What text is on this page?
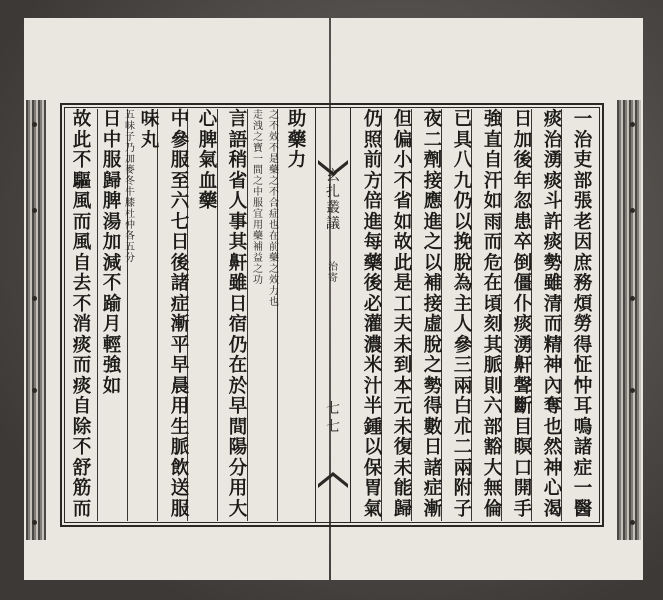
玄扎叢議
治寄
七七
一
治
吏
部
張
老
因
庶
務
煩
勞
得
怔
忡
耳
鳴
諸
症
一
醫
痰
治
湧
痰
斗
許
痰
勢
雖
清
而
精
神
內
奪
也
然
神
心
渴
日
加
後
年
忽
患
卒
倒
僵
仆
痰
湧
鼾
聲
斷
目
瞑
口
開
手
強
直
自
汗
如
雨
而
危
在
頃
刻
其
脈
則
六
部
豁
大
無
倫
已
具
八
九
仍
以
挽
脫
為
主
人
參
三
兩
白
朮
二
兩
附
子
夜
二
劑
接
應
進
之
以
補
接
虛
脫
之
勢
得
數
日
諸
症
漸
但
偏
小
不
省
如
故
此
是
工
夫
未
到
本
元
未
復
未
能
歸
仍
照
前
方
倍
進
每
藥
後
必
灌
濃
米
汁
半
鍾
以
保
胃
氣
助
藥
力
之
不
效
不
是
藥
之
不
合
症
也
在
前
藥
之
效
力
也
走
洩
之
寶
一
間
之
中
服
宜
用
藥
補
益
之
功
言
語
稍
省
人
事
其
鼾
雖
日
宿
仍
在
於
早
間
陽
分
用
大
心
脾
氣
血
藥
中
參
服
至
六
七
日
後
諸
症
漸
平
早
晨
用
生
脈
飲
送
服
味
丸
五
味
子
乃
加
麥
冬
牛
膝
杜
仲
各
五
分
日
中
服
歸
脾
湯
加
減
不
踰
月
輕
強
如
故
此
不
驅
風
而
風
自
去
不
消
痰
而
痰
自
除
不
舒
筋
而
